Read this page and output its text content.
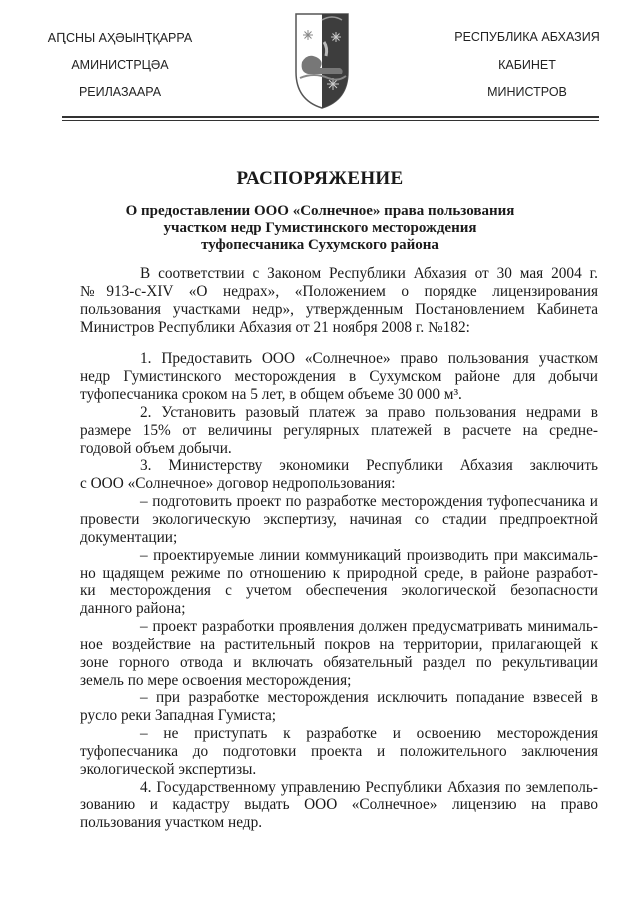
АԤСНЫ АҲӘЫНҬҚАРРА
АМИНИСТРЦӘА
РЕИЛАЗААРА
РЕСПУБЛИКА АБХАЗИЯ
КАБИНЕТ
МИНИСТРОВ
РАСПОРЯЖЕНИЕ
О предоставлении ООО «Солнечное» права пользования
участком недр Гумистинского месторождения
туфопесчаника Сухумского района
В соответствии с Законом Республики Абхазия от 30 мая 2004 г.
№913-с-XIV «О недрах», «Положением о порядке лицензирования
пользования участками недр», утвержденным Постановлением Кабинета
Министров Республики Абхазия от 21 ноября 2008 г. №182:
1. Предоставить ООО «Солнечное» право пользования участком
недр Гумистинского месторождения в Сухумском районе для добычи
туфопесчаника сроком на 5 лет, в общем объеме 30 000 м³.
2. Установить разовый платеж за право пользования недрами в
размере 15% от величины регулярных платежей в расчете на средне-
годовой объем добычи.
3. Министерству экономики Республики Абхазия заключить
с ООО «Солнечное» договор недропользования:
– подготовить проект по разработке месторождения туфопесчаника и
провести экологическую экспертизу, начиная со стадии предпроектной
документации;
– проектируемые линии коммуникаций производить при максималь-
но щадящем режиме по отношению к природной среде, в районе разработ-
ки месторождения с учетом обеспечения экологической безопасности
данного района;
– проект разработки проявления должен предусматривать минималь-
ное воздействие на растительный покров на территории, прилагающей к
зоне горного отвода и включать обязательный раздел по рекультивации
земель по мере освоения месторождения;
– при разработке месторождения исключить попадание взвесей в
русло реки Западная Гумиста;
– не приступать к разработке и освоению месторождения
туфопесчаника до подготовки проекта и положительного заключения
экологической экспертизы.
4. Государственному управлению Республики Абхазия по землеполь-
зованию и кадастру выдать ООО «Солнечное» лицензию на право
пользования участком недр.
